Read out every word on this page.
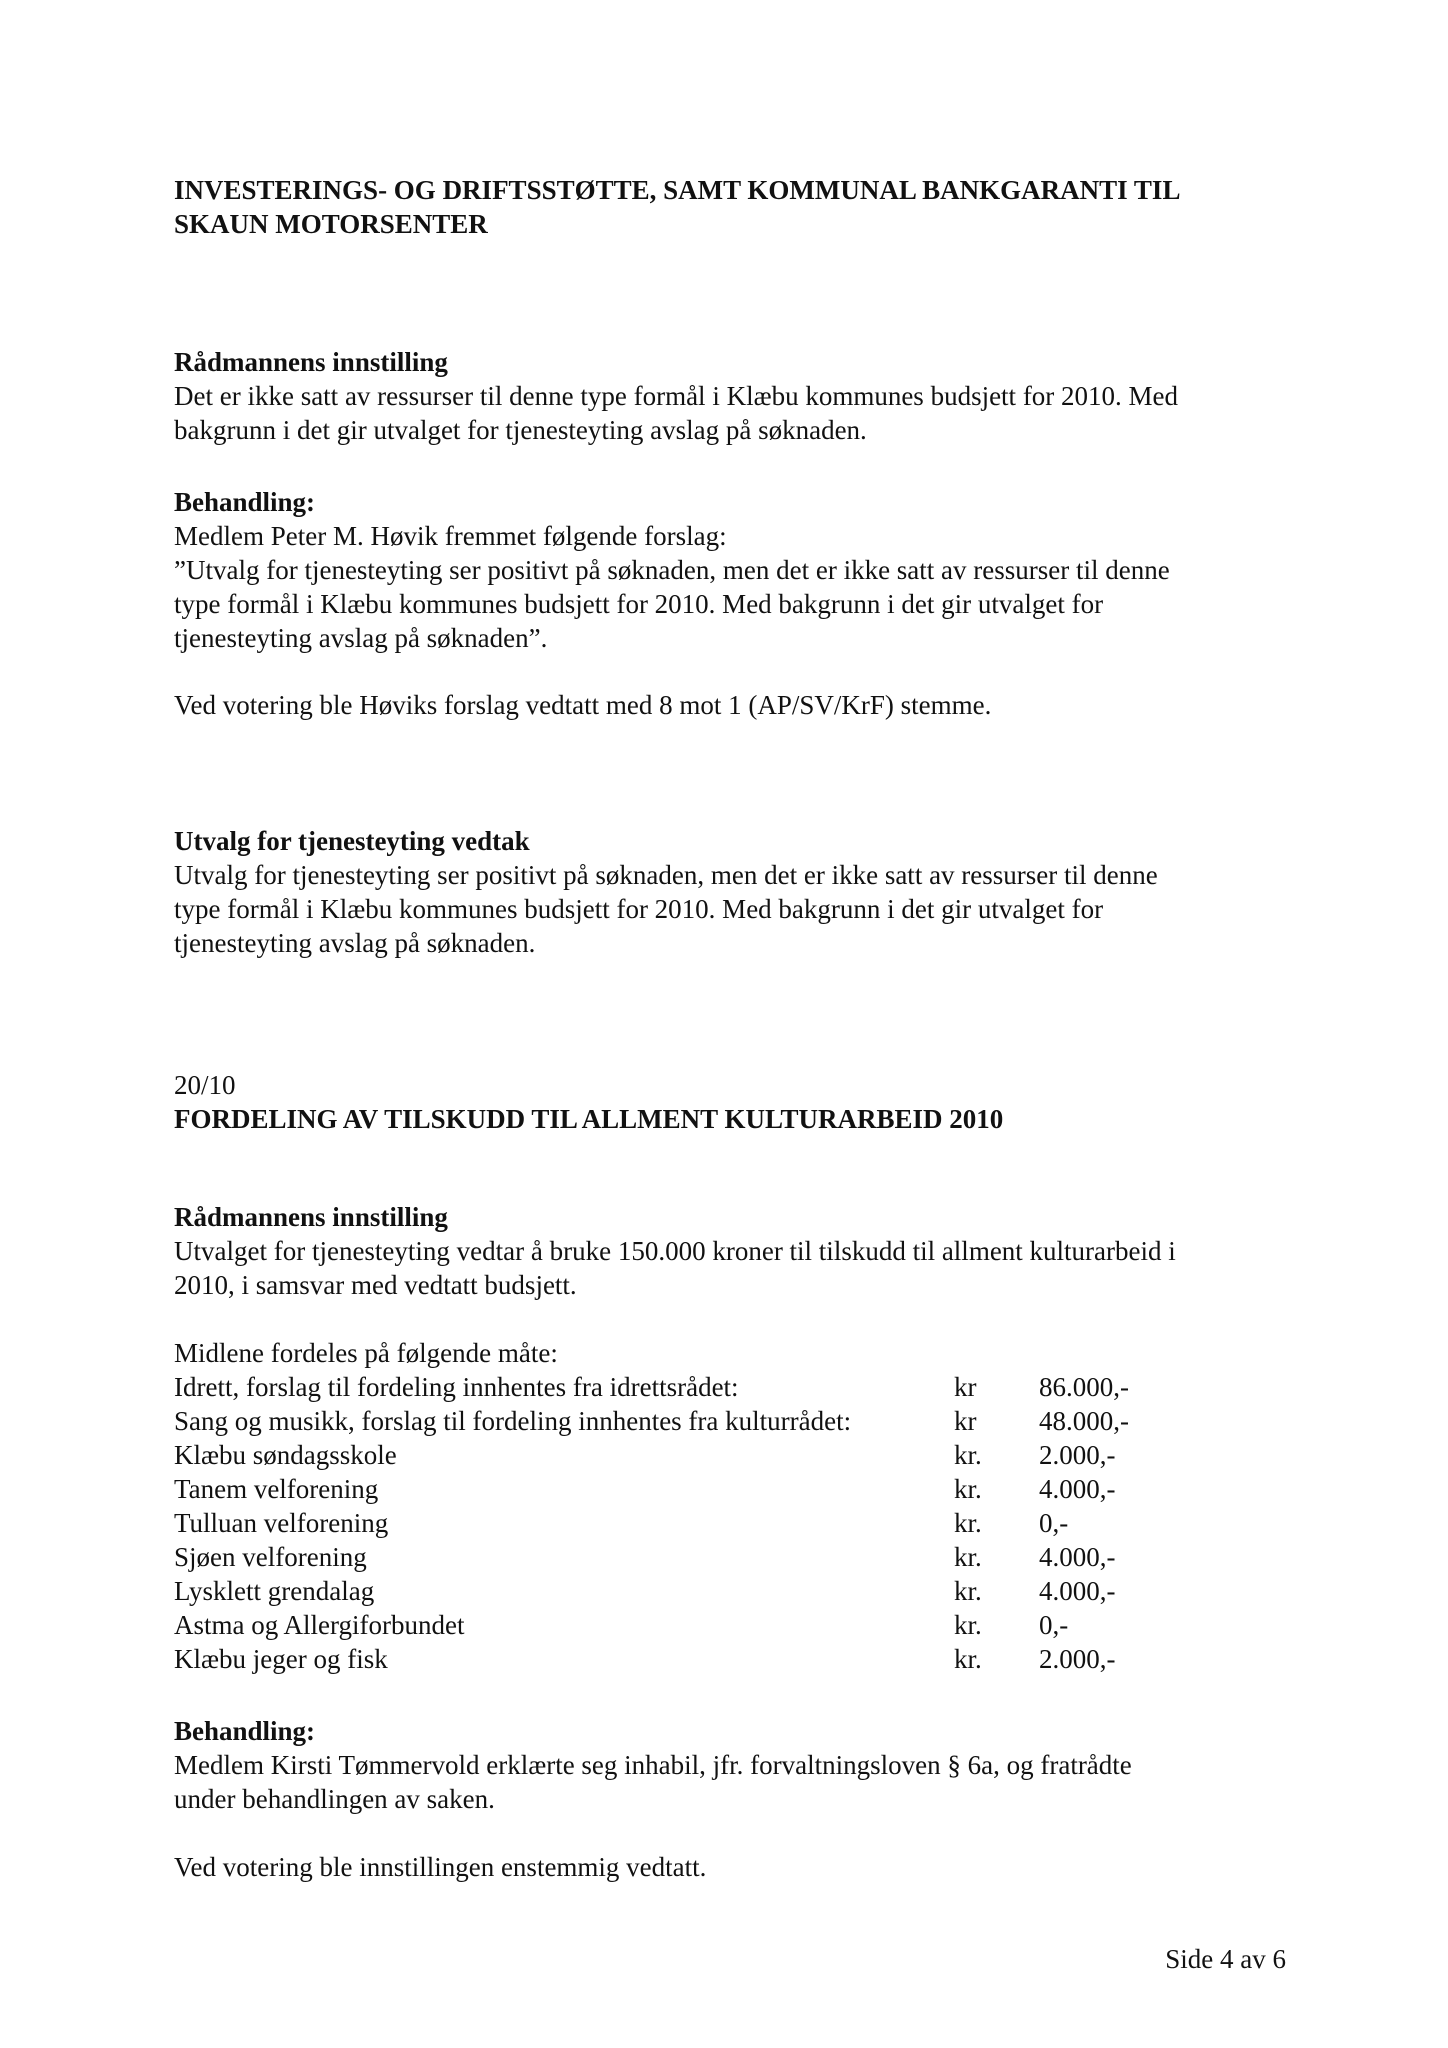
INVESTERINGS- OG DRIFTSSTØTTE, SAMT KOMMUNAL BANKGARANTI TIL
SKAUN MOTORSENTER
Rådmannens innstilling
Det er ikke satt av ressurser til denne type formål i Klæbu kommunes budsjett for 2010. Med
bakgrunn i det gir utvalget for tjenesteyting avslag på søknaden.
Behandling:
Medlem Peter M. Høvik fremmet følgende forslag:
”Utvalg for tjenesteyting ser positivt på søknaden, men det er ikke satt av ressurser til denne
type formål i Klæbu kommunes budsjett for 2010. Med bakgrunn i det gir utvalget for
tjenesteyting avslag på søknaden”.
Ved votering ble Høviks forslag vedtatt med 8 mot 1 (AP/SV/KrF) stemme.
Utvalg for tjenesteyting vedtak
Utvalg for tjenesteyting ser positivt på søknaden, men det er ikke satt av ressurser til denne
type formål i Klæbu kommunes budsjett for 2010. Med bakgrunn i det gir utvalget for
tjenesteyting avslag på søknaden.
20/10
FORDELING AV TILSKUDD TIL ALLMENT KULTURARBEID 2010
Rådmannens innstilling
Utvalget for tjenesteyting vedtar å bruke 150.000 kroner til tilskudd til allment kulturarbeid i
2010, i samsvar med vedtatt budsjett.
Midlene fordeles på følgende måte:
Idrett, forslag til fordeling innhentes fra idrettsrådet:	kr 86.000,-
Sang og musikk, forslag til fordeling innhentes fra kulturrådet:	kr 48.000,-
Klæbu søndagsskole	kr. 2.000,-
Tanem velforening	kr. 4.000,-
Tulluan velforening	kr. 0,-
Sjøen velforening	kr. 4.000,-
Lysklett grendalag	kr. 4.000,-
Astma og Allergiforbundet	kr. 0,-
Klæbu jeger og fisk	kr. 2.000,-
Behandling:
Medlem Kirsti Tømmervold erklærte seg inhabil, jfr. forvaltningsloven § 6a, og fratrådte
under behandlingen av saken.
Ved votering ble innstillingen enstemmig vedtatt.
Side 4 av 6
